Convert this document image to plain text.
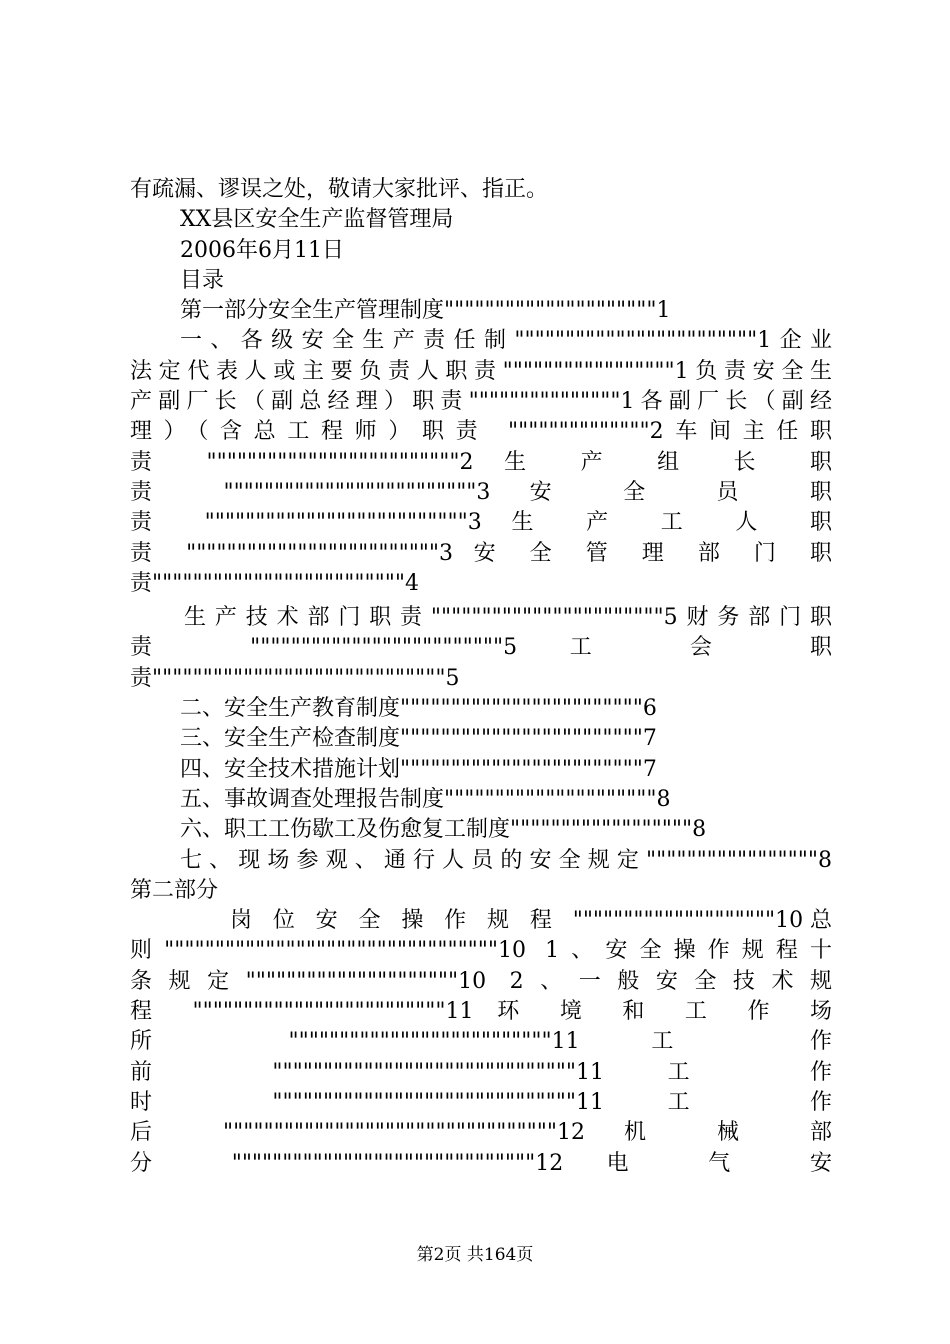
有疏漏、谬误之处，敬请大家批评、指正。
XX县区安全生产监督管理局
2006年6月11日
目录
第一部分安全生产管理制度"""""""""""""""""""""1
一、各级安全生产责任制""""""""""""""""""""""""1企业
法定代表人或主要负责人职责"""""""""""""""""1负责安全生
产副厂长（副总经理）职责"""""""""""""""1各副厂长（副经
理）（含总工程师）职责 """"""""""""""2车间主任职
责 """""""""""""""""""""""""2 生 产 组 长 职
责 """""""""""""""""""""""""3 安 全 员 职
责 """"""""""""""""""""""""""3 生 产 工 人 职
责 """""""""""""""""""""""""3 安 全 管 理 部 门 职
责"""""""""""""""""""""""""4
生产技术部门职责"""""""""""""""""""""""5财务部门职
责 """""""""""""""""""""""""5 工 会 职
责"""""""""""""""""""""""""""""5
二、安全生产教育制度""""""""""""""""""""""""6
三、安全生产检查制度""""""""""""""""""""""""7
四、安全技术措施计划""""""""""""""""""""""""7
五、事故调查处理报告制度"""""""""""""""""""""8
六、职工工伤歇工及伤愈复工制度""""""""""""""""""8
七、现场参观、通行人员的安全规定"""""""""""""""""8
第二部分
岗 位 安 全 操 作 规 程 """"""""""""""""""""10总
则"""""""""""""""""""""""""""""""""10 1、安全操作规程十
条规定"""""""""""""""""""""10 2、一般安全技术规
程 """""""""""""""""""""""""11 环 境 和 工 作 场
所 """"""""""""""""""""""""""11 工 作
前 """"""""""""""""""""""""""""""11 工 作
时 """"""""""""""""""""""""""""""11 工 作
后 """""""""""""""""""""""""""""""""12 机 械 部
分 """"""""""""""""""""""""""""""12 电 气 安
第2页 共164页
